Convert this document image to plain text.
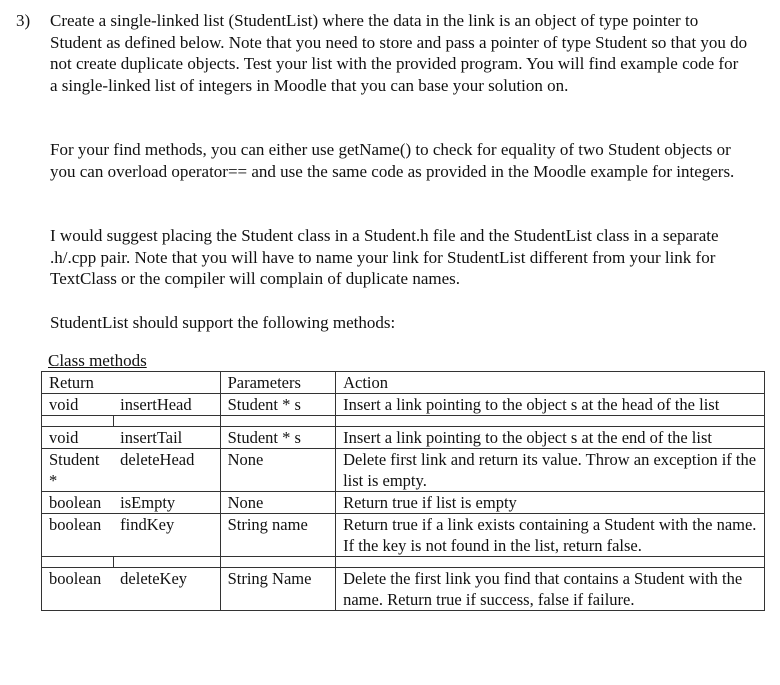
3) Create a single-linked list (StudentList) where the data in the link is an object of type pointer to Student as defined below. Note that you need to store and pass a pointer of type Student so that you do not create duplicate objects. Test your list with the provided program. You will find example code for a single-linked list of integers in Moodle that you can base your solution on.

For your find methods, you can either use getName() to check for equality of two Student objects or you can overload operator== and use the same code as provided in the Moodle example for integers.

I would suggest placing the Student class in a Student.h file and the StudentList class in a separate .h/.cpp pair. Note that you will have to name your link for StudentList different from your link for TextClass or the compiler will complain of duplicate names.

StudentList should support the following methods:

Class methods
Return		Parameters	Action
void	insertHead	Student * s	Insert a link pointing to the object s at the head of the list

void	insertTail	Student * s	Insert a link pointing to the object s at the end of the list
Student *	deleteHead	None	Delete first link and return its value. Throw an exception if the list is empty.
boolean	isEmpty	None	Return true if list is empty
boolean	findKey	String name	Return true if a link exists containing a Student with the name. If the key is not found in the list, return false.

boolean	deleteKey	String Name	Delete the first link you find that contains a Student with the name. Return true if success, false if failure.
